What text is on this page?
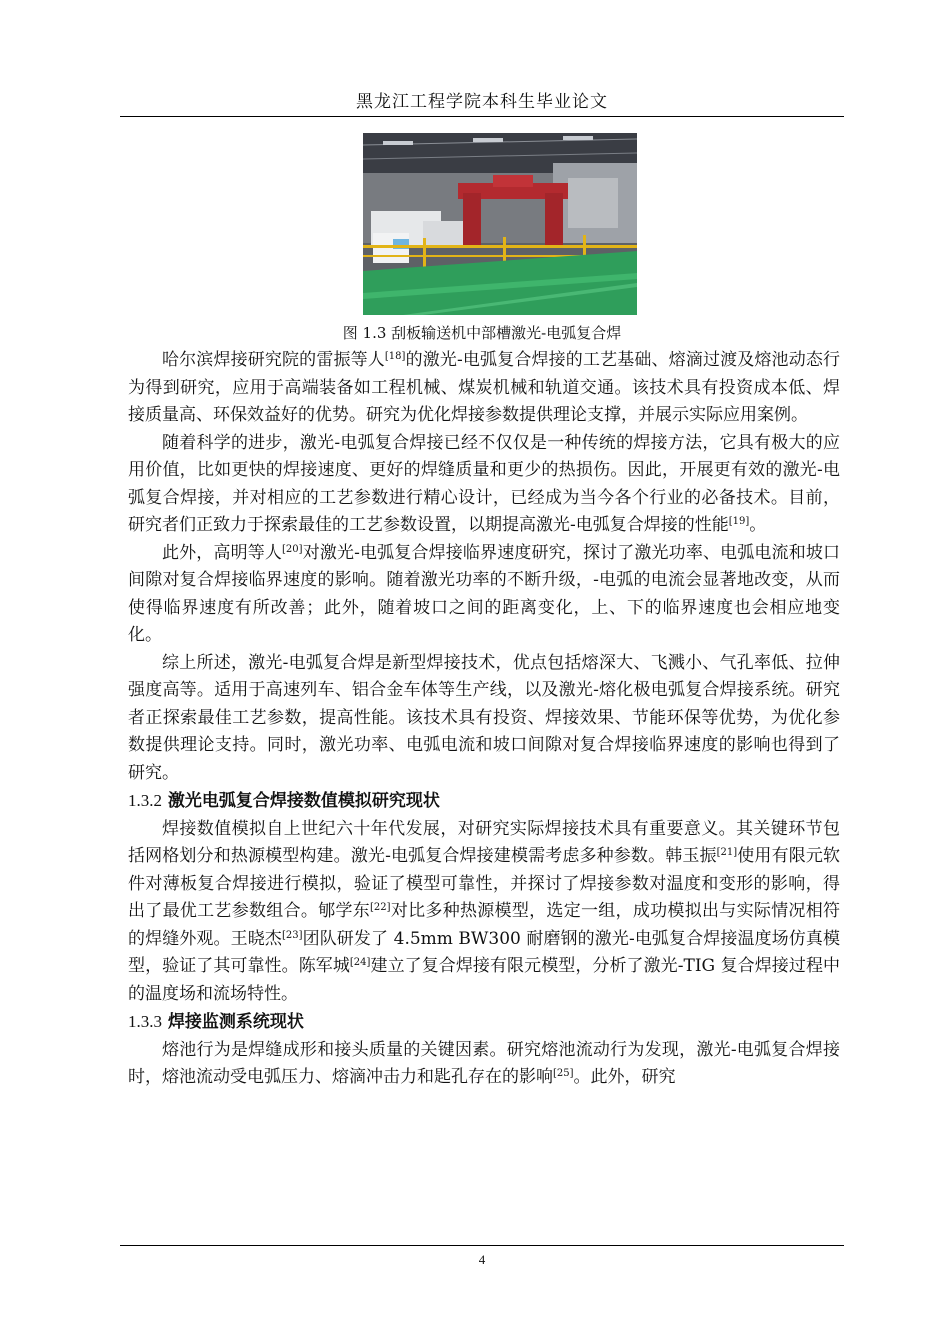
黑龙江工程学院本科生毕业论文
图 1.3 刮板输送机中部槽激光-电弧复合焊

哈尔滨焊接研究院的雷振等人[18]的激光-电弧复合焊接的工艺基础、熔滴过渡及熔池动态行为得到研究，应用于高端装备如工程机械、煤炭机械和轨道交通。该技术具有投资成本低、焊接质量高、环保效益好的优势。研究为优化焊接参数提供理论支撑，并展示实际应用案例。

随着科学的进步，激光-电弧复合焊接已经不仅仅是一种传统的焊接方法，它具有极大的应用价值，比如更快的焊接速度、更好的焊缝质量和更少的热损伤。因此，开展更有效的激光-电弧复合焊接，并对相应的工艺参数进行精心设计，已经成为当今各个行业的必备技术。目前，研究者们正致力于探索最佳的工艺参数设置，以期提高激光-电弧复合焊接的性能[19]。

此外，高明等人[20]对激光-电弧复合焊接临界速度研究，探讨了激光功率、电弧电流和坡口间隙对复合焊接临界速度的影响。随着激光功率的不断升级，-电弧的电流会显著地改变，从而使得临界速度有所改善；此外，随着坡口之间的距离变化，上、下的临界速度也会相应地变化。

综上所述，激光-电弧复合焊是新型焊接技术，优点包括熔深大、飞溅小、气孔率低、拉伸强度高等。适用于高速列车、铝合金车体等生产线，以及激光-熔化极电弧复合焊接系统。研究者正探索最佳工艺参数，提高性能。该技术具有投资、焊接效果、节能环保等优势，为优化参数提供理论支持。同时，激光功率、电弧电流和坡口间隙对复合焊接临界速度的影响也得到了研究。

1.3.2 激光电弧复合焊接数值模拟研究现状

焊接数值模拟自上世纪六十年代发展，对研究实际焊接技术具有重要意义。其关键环节包括网格划分和热源模型构建。激光-电弧复合焊接建模需考虑多种参数。韩玉振[21]使用有限元软件对薄板复合焊接进行模拟，验证了模型可靠性，并探讨了焊接参数对温度和变形的影响，得出了最优工艺参数组合。郇学东[22]对比多种热源模型，选定一组，成功模拟出与实际情况相符的焊缝外观。王晓杰[23]团队研发了 4.5mm BW300 耐磨钢的激光-电弧复合焊接温度场仿真模型，验证了其可靠性。陈军城[24]建立了复合焊接有限元模型，分析了激光-TIG 复合焊接过程中的温度场和流场特性。

1.3.3 焊接监测系统现状

熔池行为是焊缝成形和接头质量的关键因素。研究熔池流动行为发现，激光-电弧复合焊接时，熔池流动受电弧压力、熔滴冲击力和匙孔存在的影响[25]。此外，研究

4
